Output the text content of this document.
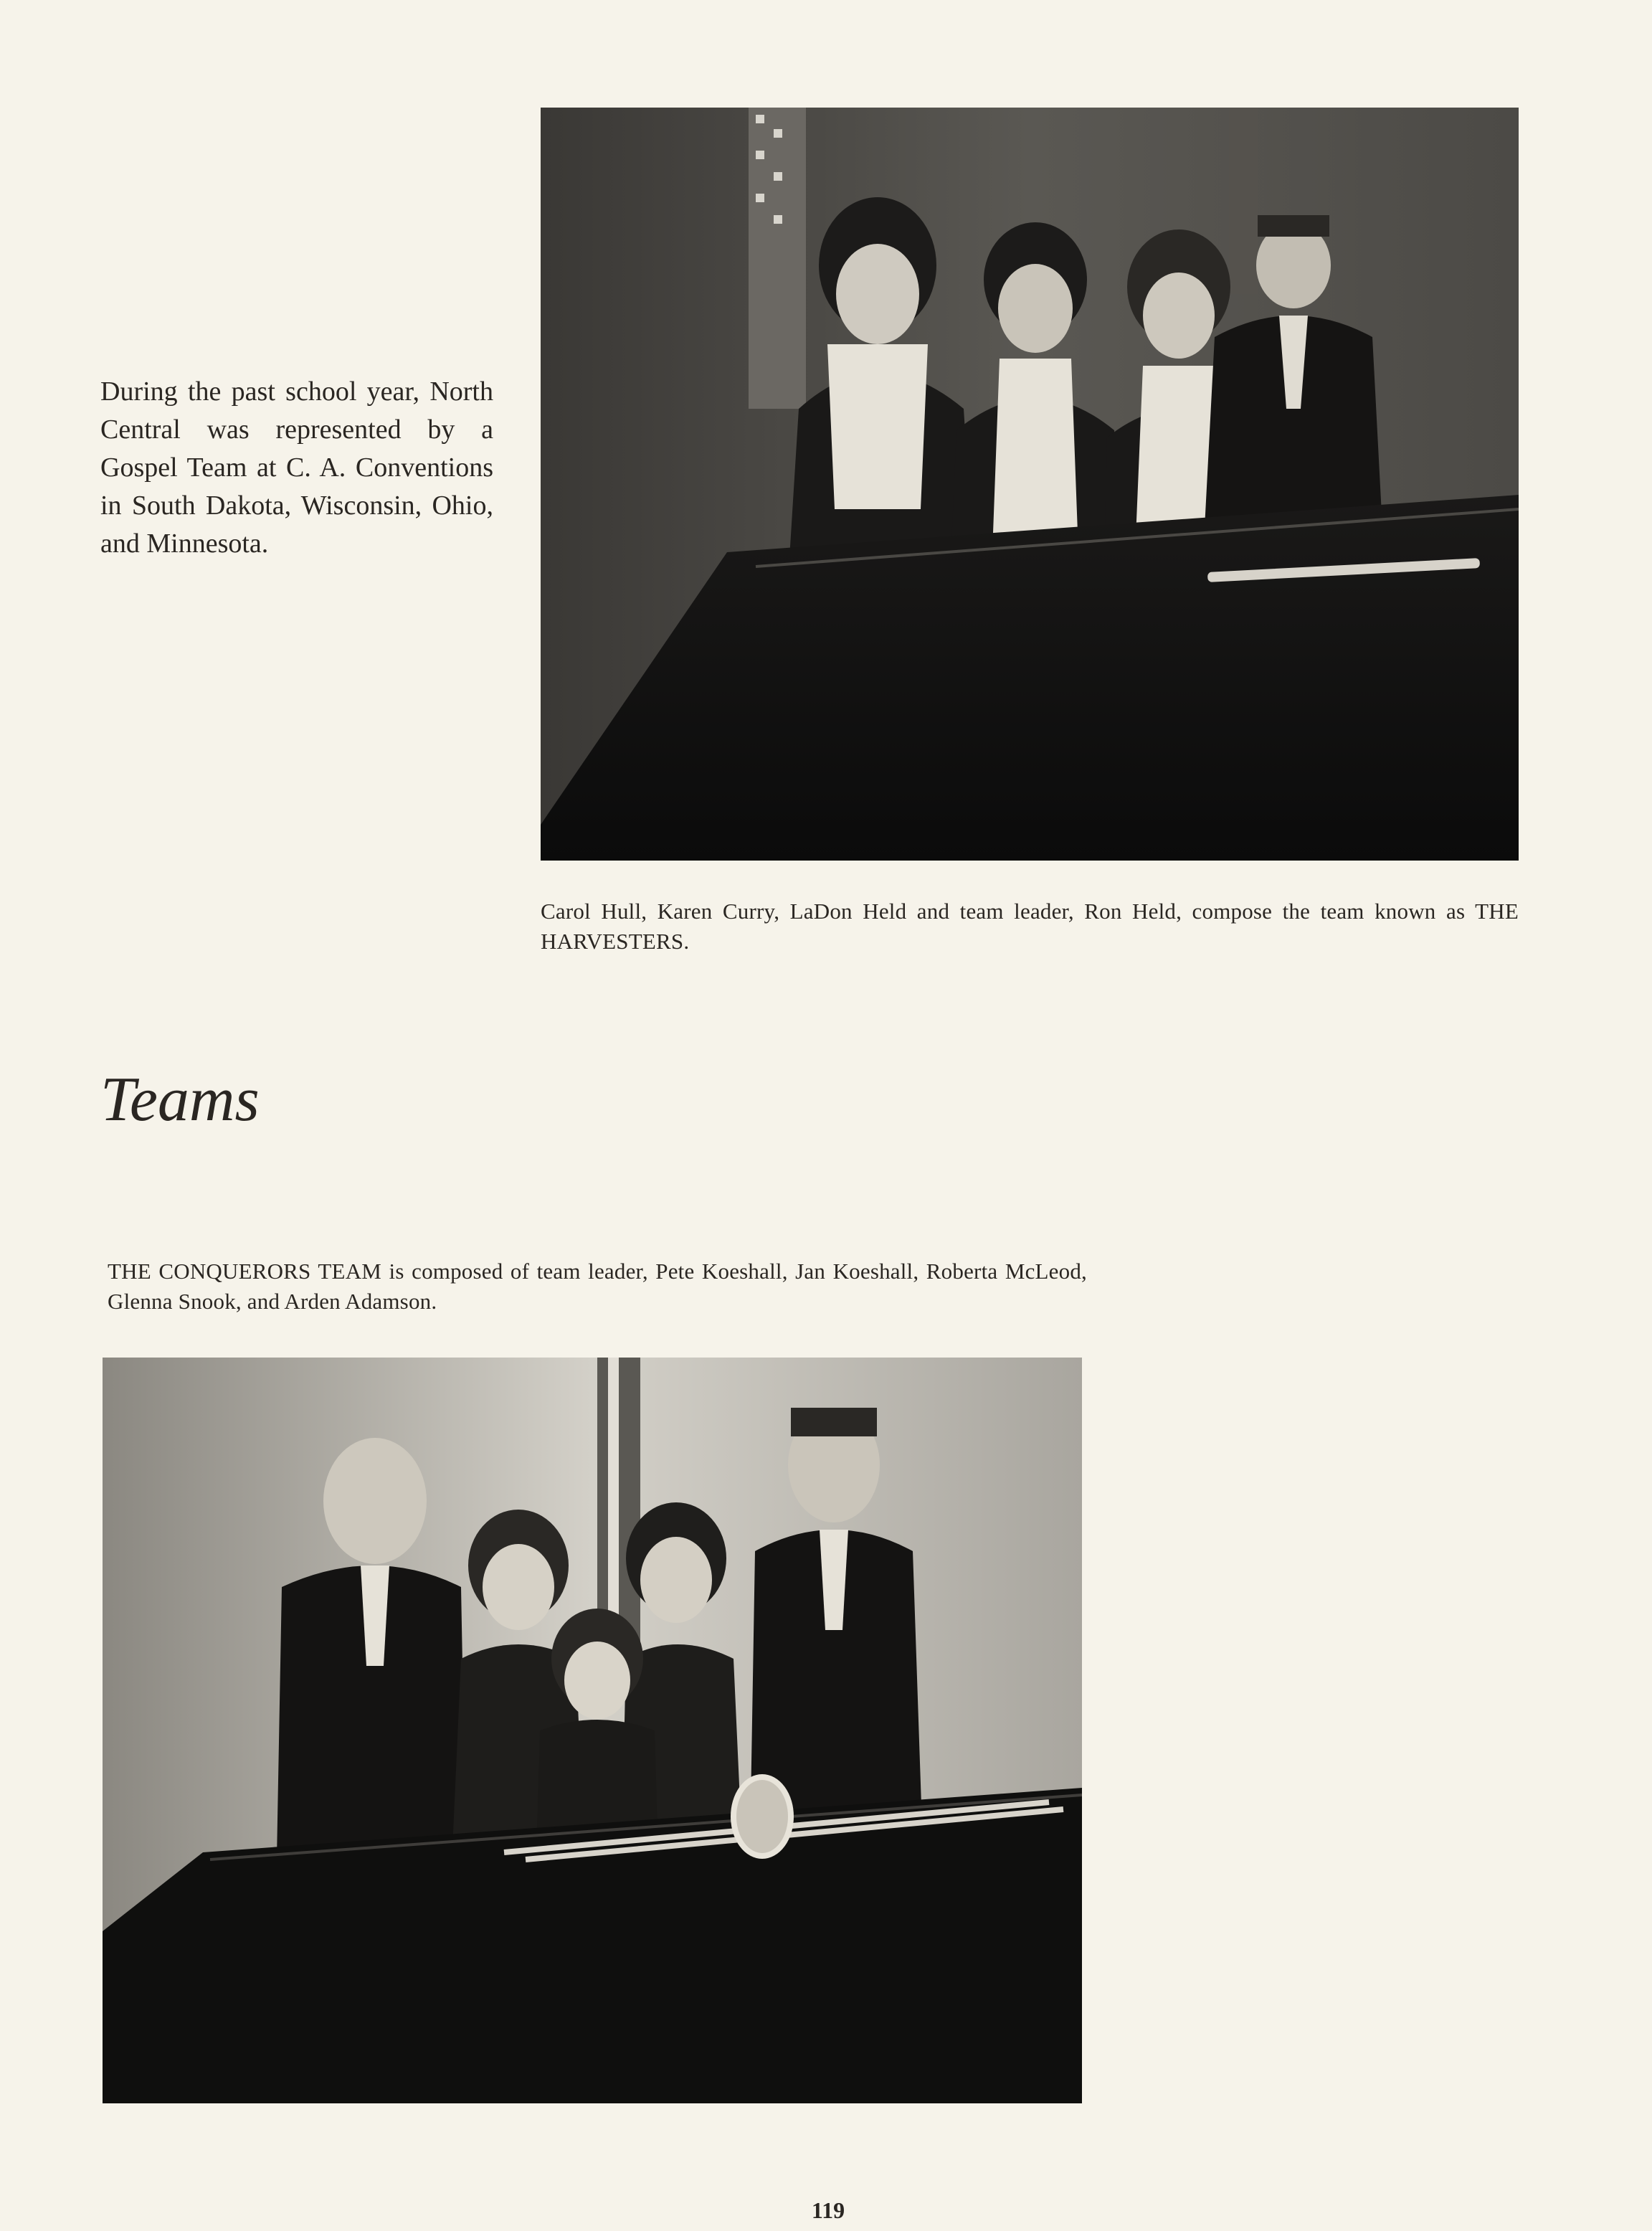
During the past school year, North Central was represented by a Gospel Team at C. A. Conventions in South Dakota, Wisconsin, Ohio, and Minnesota.

Carol Hull, Karen Curry, LaDon Held and team leader, Ron Held, compose the team known as THE HARVESTERS.

Teams

THE CONQUERORS TEAM is composed of team leader, Pete Koeshall, Jan Koeshall, Roberta McLeod, Glenna Snook, and Arden Adamson.

119
